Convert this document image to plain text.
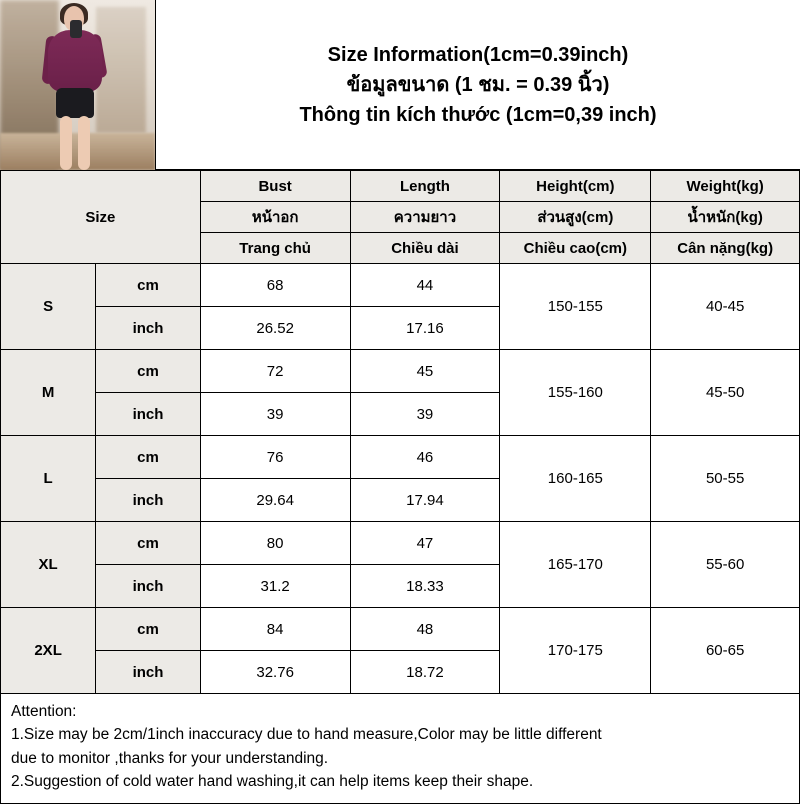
Size Information(1cm=0.39inch)
ข้อมูลขนาด (1 ชม. = 0.39 นิ้ว)
Thông tin kích thước (1cm=0,39 inch)
Size		Bust	Length	Height(cm)	Weight(kg)
		หน้าอก	ความยาว	ส่วนสูง(cm)	น้ำหนัก(kg)
		Trang chủ	Chiều dài	Chiều cao(cm)	Cân nặng(kg)
S	cm	68	44	150-155	40-45
	inch	26.52	17.16		
M	cm	72	45	155-160	45-50
	inch	39	39		
L	cm	76	46	160-165	50-55
	inch	29.64	17.94		
XL	cm	80	47	165-170	55-60
	inch	31.2	18.33		
2XL	cm	84	48	170-175	60-65
	inch	32.76	18.72		
Attention:
1.Size may be 2cm/1inch inaccuracy due to hand measure,Color may be little different
due to monitor ,thanks for your understanding.
2.Suggestion of cold water hand washing,it can help items keep their shape.
